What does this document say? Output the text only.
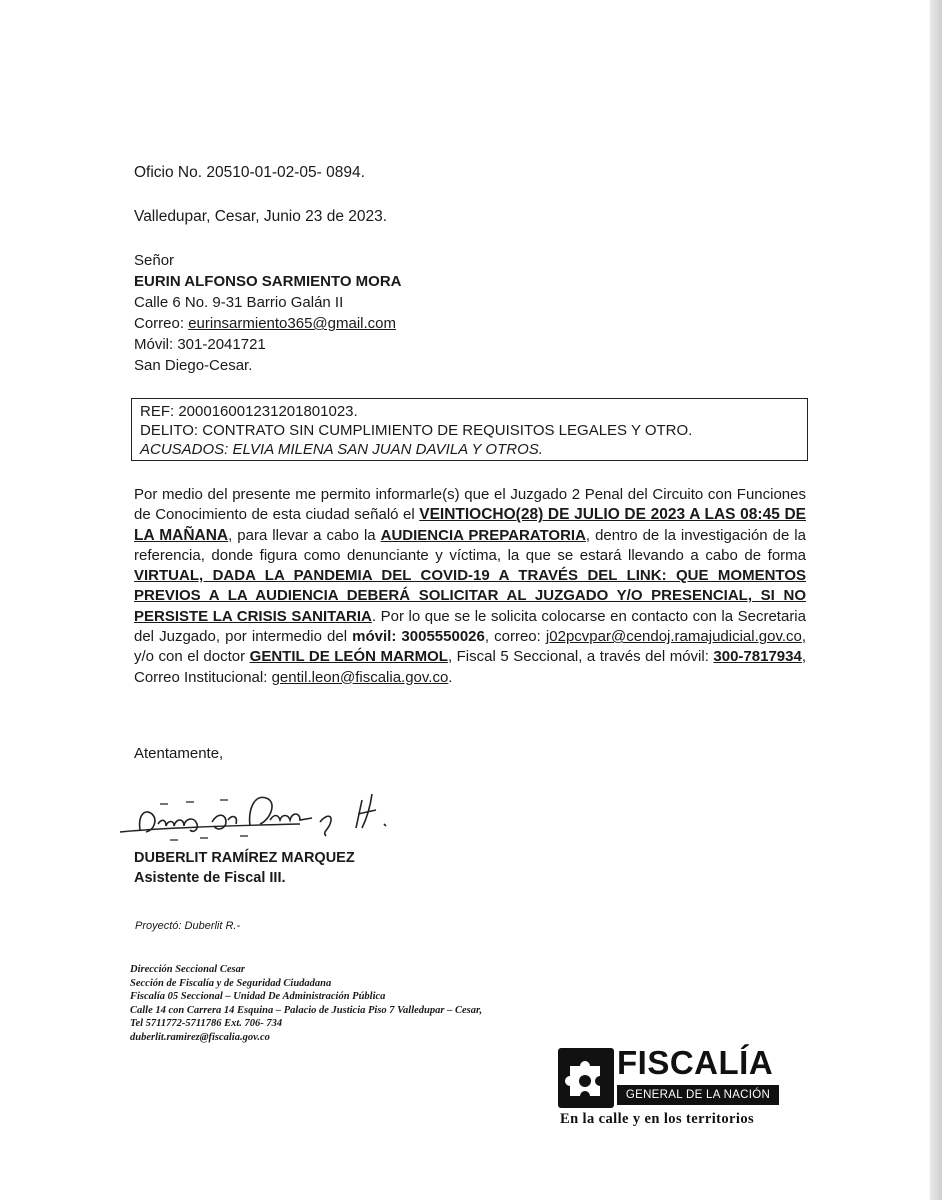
Oficio No. 20510-01-02-05- 0894.
Valledupar, Cesar, Junio 23 de 2023.
Señor
EURIN ALFONSO SARMIENTO MORA
Calle 6 No. 9-31 Barrio Galán II
Correo: eurinsarmiento365@gmail.com
Móvil: 301-2041721
San Diego-Cesar.
REF: 200016001231201801023.
DELITO: CONTRATO SIN CUMPLIMIENTO DE REQUISITOS LEGALES Y OTRO.
ACUSADOS: ELVIA MILENA SAN JUAN DAVILA Y OTROS.
Por medio del presente me permito informarle(s) que el Juzgado 2 Penal del Circuito con Funciones de Conocimiento de esta ciudad señaló el VEINTIOCHO(28) DE JULIO DE 2023 A LAS 08:45 DE LA MAÑANA, para llevar a cabo la AUDIENCIA PREPARATORIA, dentro de la investigación de la referencia, donde figura como denunciante y víctima, la que se estará llevando a cabo de forma VIRTUAL, DADA LA PANDEMIA DEL COVID-19 A TRAVÉS DEL LINK: QUE MOMENTOS PREVIOS A LA AUDIENCIA DEBERÁ SOLICITAR AL JUZGADO Y/O PRESENCIAL, SI NO PERSISTE LA CRISIS SANITARIA. Por lo que se le solicita colocarse en contacto con la Secretaria del Juzgado, por intermedio del móvil: 3005550026, correo: j02pcvpar@cendoj.ramajudicial.gov.co, y/o con el doctor GENTIL DE LEÓN MARMOL, Fiscal 5 Seccional, a través del móvil: 300-7817934, Correo Institucional: gentil.leon@fiscalia.gov.co.
Atentamente,
DUBERLIT RAMÍREZ MARQUEZ
Asistente de Fiscal III.
Proyectó: Duberlit R.-
Dirección Seccional Cesar
Sección de Fiscalía y de Seguridad Ciudadana
Fiscalía 05 Seccional – Unidad De Administración Pública
Calle 14 con Carrera 14 Esquina – Palacio de Justicia Piso 7 Valledupar – Cesar,
Tel 5711772-5711786 Ext. 706- 734
duberlit.ramirez@fiscalia.gov.co
FISCALÍA
GENERAL DE LA NACIÓN
En la calle y en los territorios
